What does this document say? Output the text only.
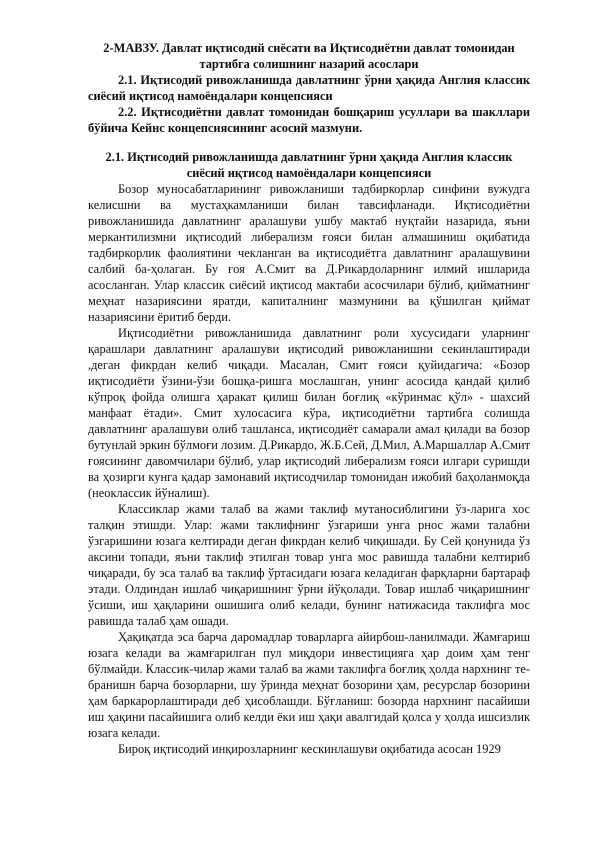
2-МАВЗУ. Давлат иқтисодий сиёсати ва Иқтисодиётни давлат томонидан тартибга солишнинг назарий асослари

2.1. Иқтисодий ривожланишда давлатнинг ўрни ҳақида Англия классик сиёсий иқтисод намоёндалари концепсияси

2.2. Иқтисодиётни давлат томонидан бошқариш усуллари ва шакллари бўйича Кейнс концепсиясининг асосий мазмуни.

2.1. Иқтисодий ривожланишда давлатнинг ўрни ҳақида Англия классик сиёсий иқтисод намоёндалари концепсияси

Бозор муносабатларининг ривожланиши тадбиркорлар синфини вужудга келисшни ва мустаҳкамланиши билан тавсифланади. Иқтисодиётни ривожланишида давлатнинг аралашуви ушбу мактаб нуқтайи назарида, яъни меркантилизмни иқтисодий либерализм ғояси билан алмашиниш оқибатида тадбиркорлик фаолиятини чекланган ва иқтисодиётга давлатнинг аралашувини салбий ба-ҳолаган. Бу ғоя А.Смит ва Д.Рикардоларнинг илмий ишларида асосланган. Улар классик сиёсий иқтисод мактаби асосчилари бўлиб, қийматнинг меҳнат назариясини яратди, капиталнинг мазмунини ва қўшилган қиймат назариясини ёритиб берди.

Иқтисодиётни ривожланишида давлатнинг роли хусусидаги уларнинг қарашлари давлатнинг аралашуви иқтисодий ривожланишни секинлаштиради ,деган фикрдан келиб чиқади. Масалан, Смит ғояси қуйидагича: «Бозор иқтисодиёти ўзини-ўзи бошқа-ришга мослашган, унинг асосида қандай қилиб кўпроқ фойда олишга ҳаракат қилиш билан боғлиқ «кўринмас қўл» - шахсий манфаат ётади». Смит хулосасига кўра, иқтисодиётни тартибга солишда давлатнинг аралашуви олиб ташланса, иқтисодиёт самарали амал қилади ва бозор бутунлай эркин бўлмоғи лозим. Д.Рикардо, Ж.Б.Сей, Д.Мил, А.Маршаллар А.Смит ғоясининг давомчилари бўлиб, улар иқтисодий либерализм ғояси илгари суришди ва ҳозирги кунга қадар замонавий иқтисодчилар томонидан ижобий баҳоланмоқда (неоклассик йўналиш).

Классиклар жами талаб ва жами таклиф мутаносиблигини ўз-ларига хос талқин этишди. Улар: жами таклифнинг ўзгариши унга рнос жами талабни ўзгаришини юзага келтиради деган фикрдан келиб чиқишади. Бу Сей қонунида ўз аксини топади, яъни таклиф этилган товар унга мос равишда талабни келтириб чиқаради, бу эса талаб ва таклиф ўртасидаги юзага келадиган фарқларни бартараф этади. Олдиндан ишлаб чиқаришнинг ўрни йўқолади. Товар ишлаб чиқаришнинг ўсиши, иш ҳақларини ошишига олиб келади, бунинг натижасида таклифга мос равишда талаб ҳам ошади.

Ҳақиқатда эса барча даромадлар товарларга айирбош-ланилмади. Жамғариш юзага келади ва жамғарилган пул миқдори инвестицияга ҳар доим ҳам тенг бўлмайди. Классик-чилар жами талаб ва жами таклифга боғлиқ ҳолда нархнинг те-бранишн барча бозорларни, шу ўринда меҳнат бозорини ҳам, ресурслар бозорини ҳам баркарорлаштиради деб ҳисоблашди. Бўғланиш: бозорда нархнинг пасайиши иш ҳақини пасайишига олиб келди ёки иш ҳақи авалгидай қолса у ҳолда ишсизлик юзага келади.

Бироқ иқтисодий инқирозларнинг кескинлашуви оқибатида асосан 1929
